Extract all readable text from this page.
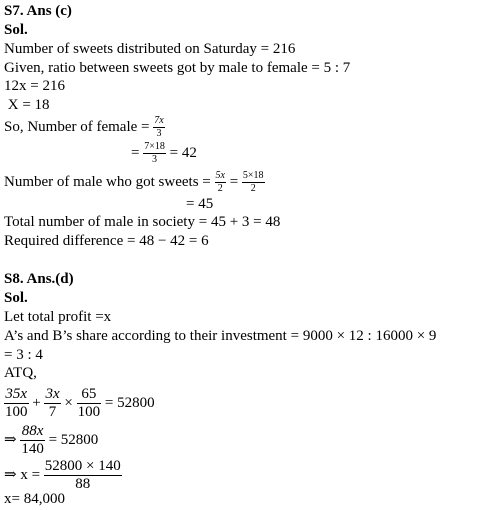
S7. Ans (c)
Sol.
Number of sweets distributed on Saturday = 216
Given, ratio between sweets got by male to female = 5 : 7
12x = 216
X = 18
So, Number of female = $\frac{7x}{3}$
= $\frac{7\times 18}{3} = 42$
Number of male who got sweets = $\frac{5x}{2} = \frac{5\times 18}{2}$
= 45
Total number of male in society = 45 + 3 = 48
Required difference = 48 − 42 = 6
S8. Ans.(d)
Sol.
Let total profit =x
A’s and B’s share according to their investment = 9000 × 12 : 16000 × 9
= 3 : 4
ATQ,
$\frac{35x}{100} + \frac{3x}{7} \times \frac{65}{100} = 52800$
⇒ $\frac{88x}{140} = 52800$
⇒ $x = \frac{52800 \times 140}{88}$
x= 84,000
